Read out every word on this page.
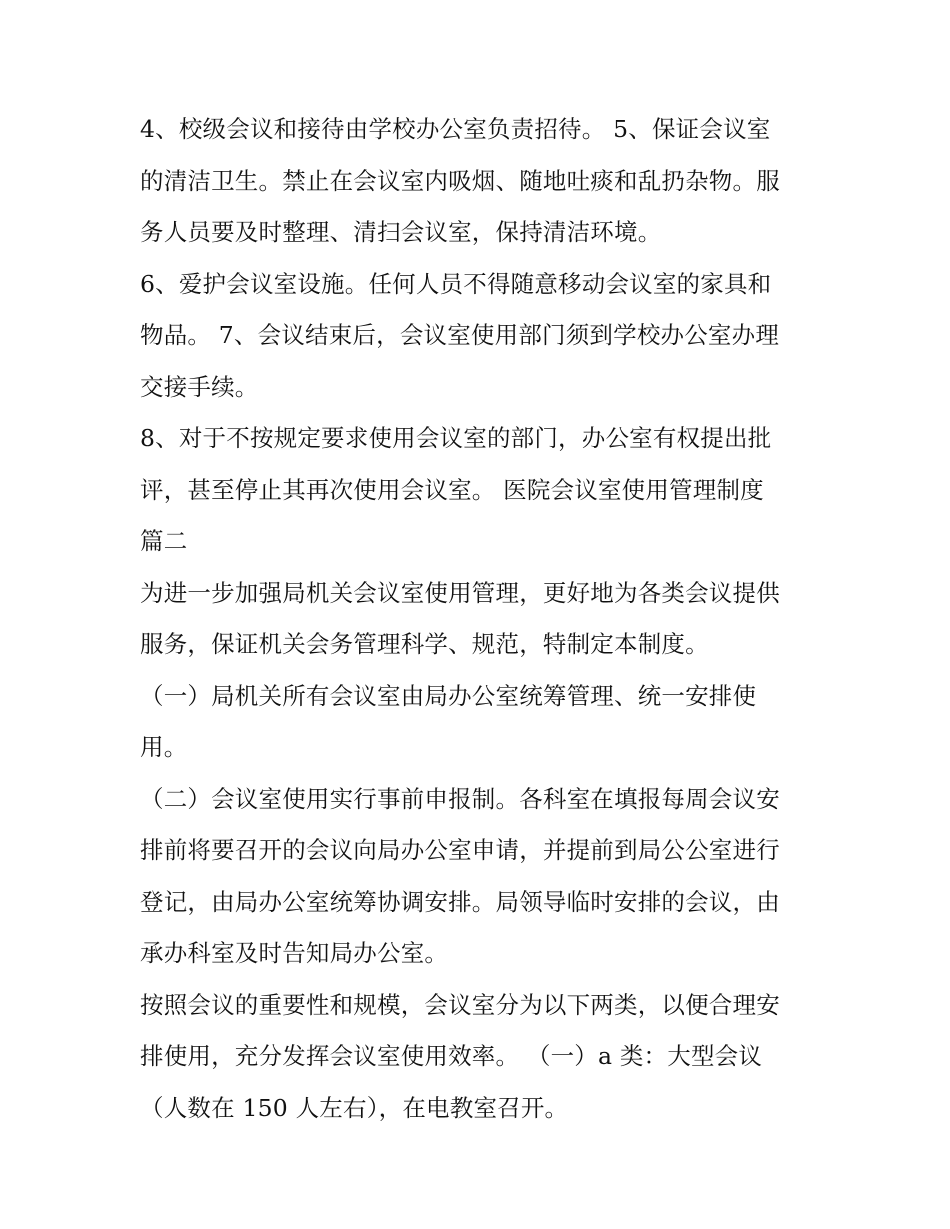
4、校级会议和接待由学校办公室负责招待。 5、保证会议室
的清洁卫生。禁止在会议室内吸烟、随地吐痰和乱扔杂物。服
务人员要及时整理、清扫会议室，保持清洁环境。
6、爱护会议室设施。任何人员不得随意移动会议室的家具和
物品。 7、会议结束后，会议室使用部门须到学校办公室办理
交接手续。
8、对于不按规定要求使用会议室的部门，办公室有权提出批
评，甚至停止其再次使用会议室。 医院会议室使用管理制度
篇二
为进一步加强局机关会议室使用管理，更好地为各类会议提供
服务，保证机关会务管理科学、规范，特制定本制度。
（一）局机关所有会议室由局办公室统筹管理、统一安排使
用。
（二）会议室使用实行事前申报制。各科室在填报每周会议安
排前将要召开的会议向局办公室申请，并提前到局公公室进行
登记，由局办公室统筹协调安排。局领导临时安排的会议，由
承办科室及时告知局办公室。
按照会议的重要性和规模，会议室分为以下两类，以便合理安
排使用，充分发挥会议室使用效率。 （一）a 类：大型会议
（人数在 150 人左右），在电教室召开。
